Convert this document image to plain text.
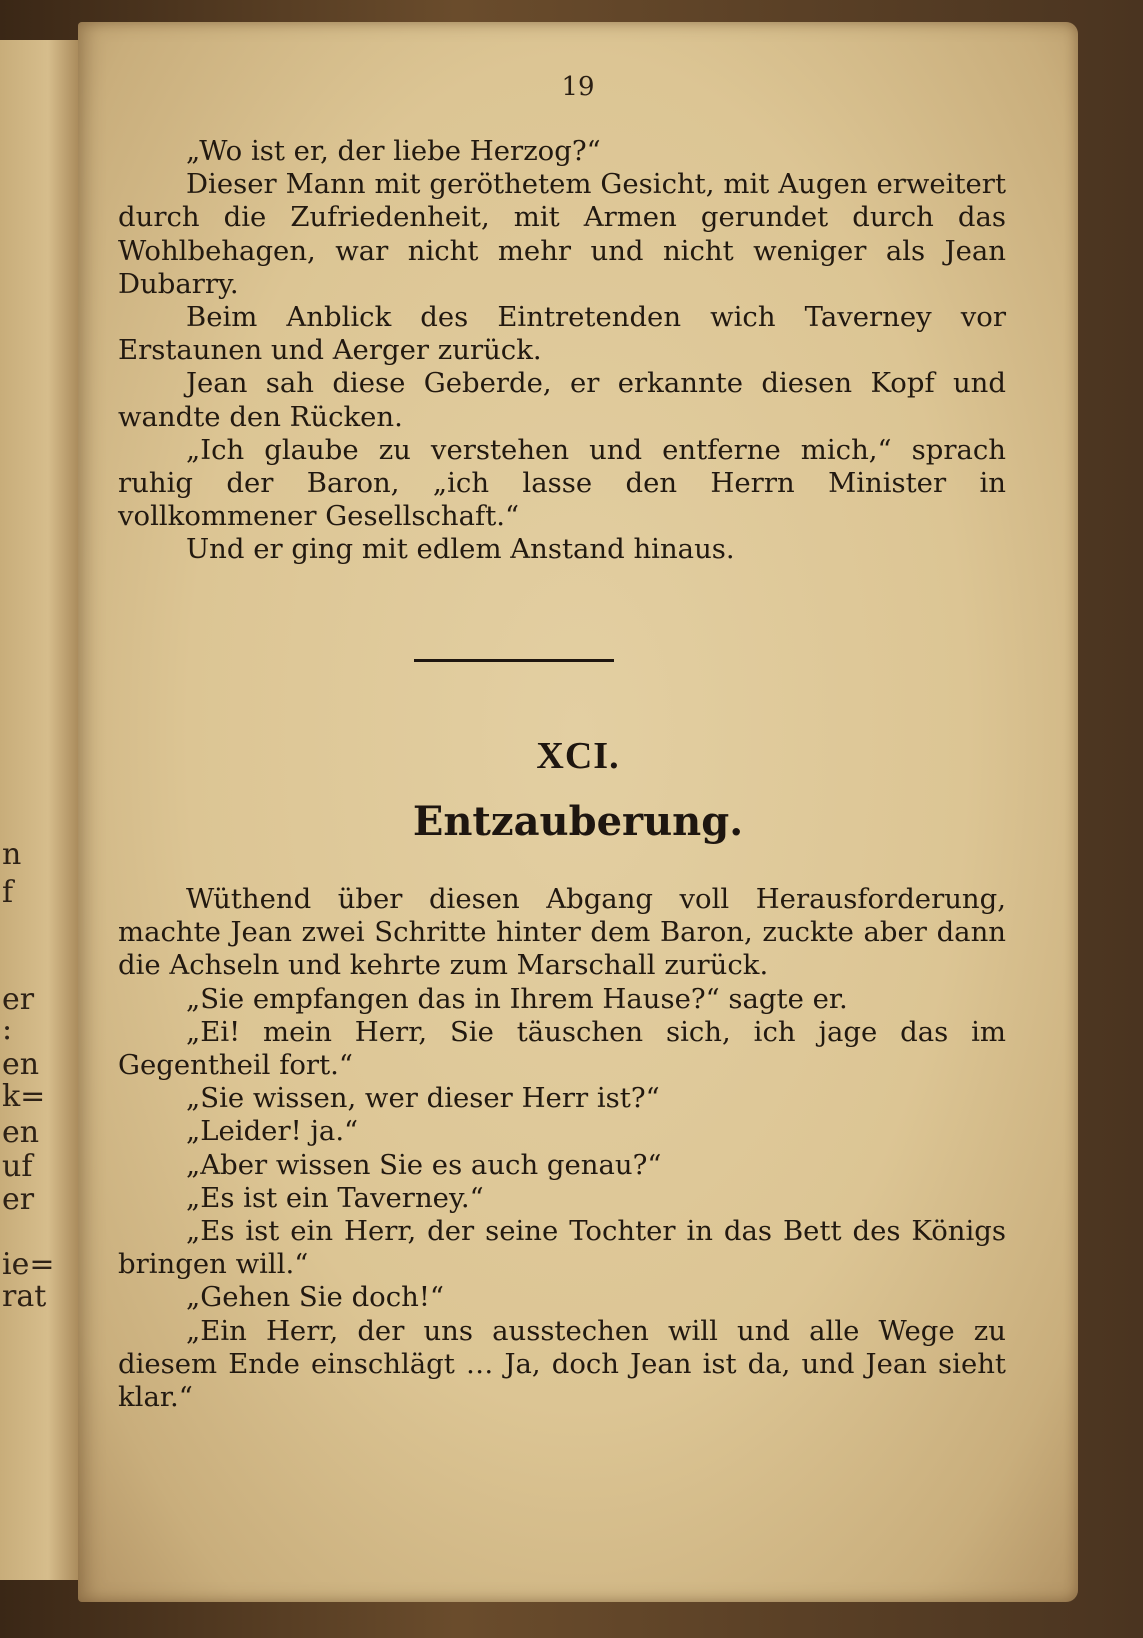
n
f
er
:
en
k=
en
uf
er
ie=
rat
19

„Wo ist er, der liebe Herzog?“

Dieser Mann mit geröthetem Gesicht, mit Augen erweitert durch die Zufriedenheit, mit Armen gerundet durch das Wohlbehagen, war nicht mehr und nicht weniger als Jean Dubarry.

Beim Anblick des Eintretenden wich Taverney vor Erstaunen und Aerger zurück.

Jean sah diese Geberde, er erkannte diesen Kopf und wandte den Rücken.

„Ich glaube zu verstehen und entferne mich,“ sprach ruhig der Baron, „ich lasse den Herrn Minister in vollkommener Gesellschaft.“

Und er ging mit edlem Anstand hinaus.

XCI.
Entzauberung.

Wüthend über diesen Abgang voll Herausforderung, machte Jean zwei Schritte hinter dem Baron, zuckte aber dann die Achseln und kehrte zum Marschall zurück.

„Sie empfangen das in Ihrem Hause?“ sagte er.

„Ei! mein Herr, Sie täuschen sich, ich jage das im Gegentheil fort.“

„Sie wissen, wer dieser Herr ist?“

„Leider! ja.“

„Aber wissen Sie es auch genau?“

„Es ist ein Taverney.“

„Es ist ein Herr, der seine Tochter in das Bett des Königs bringen will.“

„Gehen Sie doch!“

„Ein Herr, der uns ausstechen will und alle Wege zu diesem Ende einschlägt … Ja, doch Jean ist da, und Jean sieht klar.“
